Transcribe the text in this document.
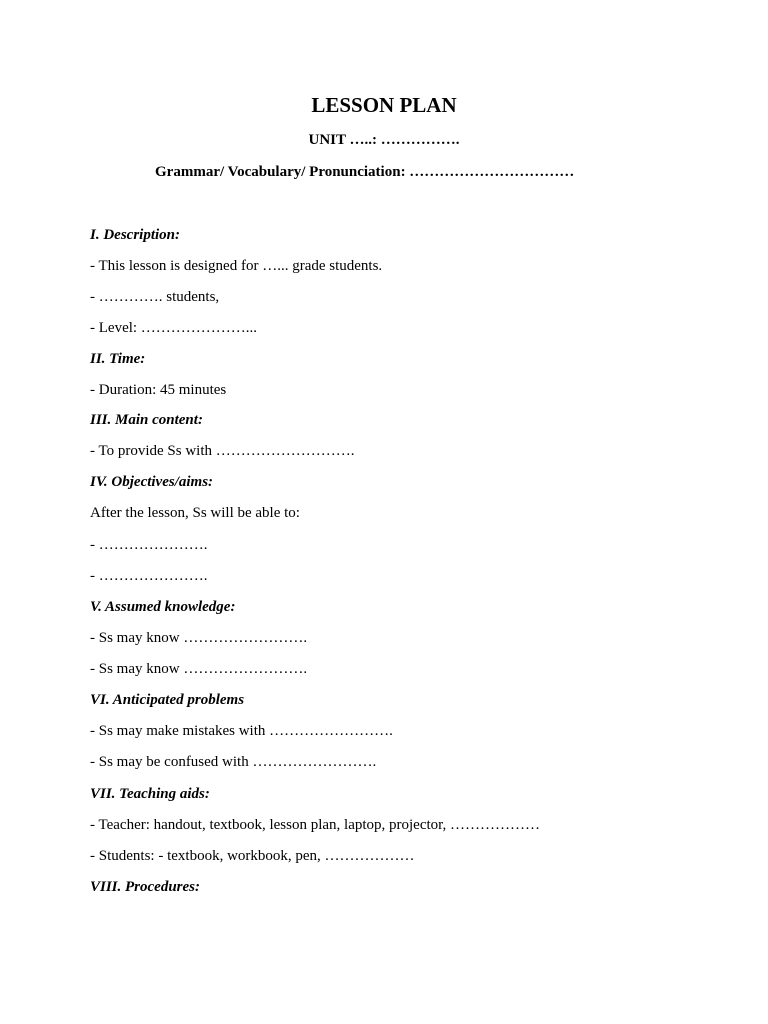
LESSON PLAN
UNIT …..: …………….
Grammar/ Vocabulary/ Pronunciation: ……………………………
I. Description:
- This lesson is designed for …... grade students.
- …………. students,
- Level: …………………...
II. Time:
- Duration: 45 minutes
III. Main content:
- To provide Ss with ……………………….
IV. Objectives/aims:
After the lesson, Ss will be able to:
- ………………….
- ………………….
V. Assumed knowledge:
- Ss may know …………………….
- Ss may know …………………….
VI. Anticipated problems
- Ss may make mistakes with …………………….
- Ss may be confused with …………………….
VII. Teaching aids:
- Teacher: handout, textbook, lesson plan, laptop, projector, ………………
- Students: - textbook, workbook, pen, ………………
VIII. Procedures:
